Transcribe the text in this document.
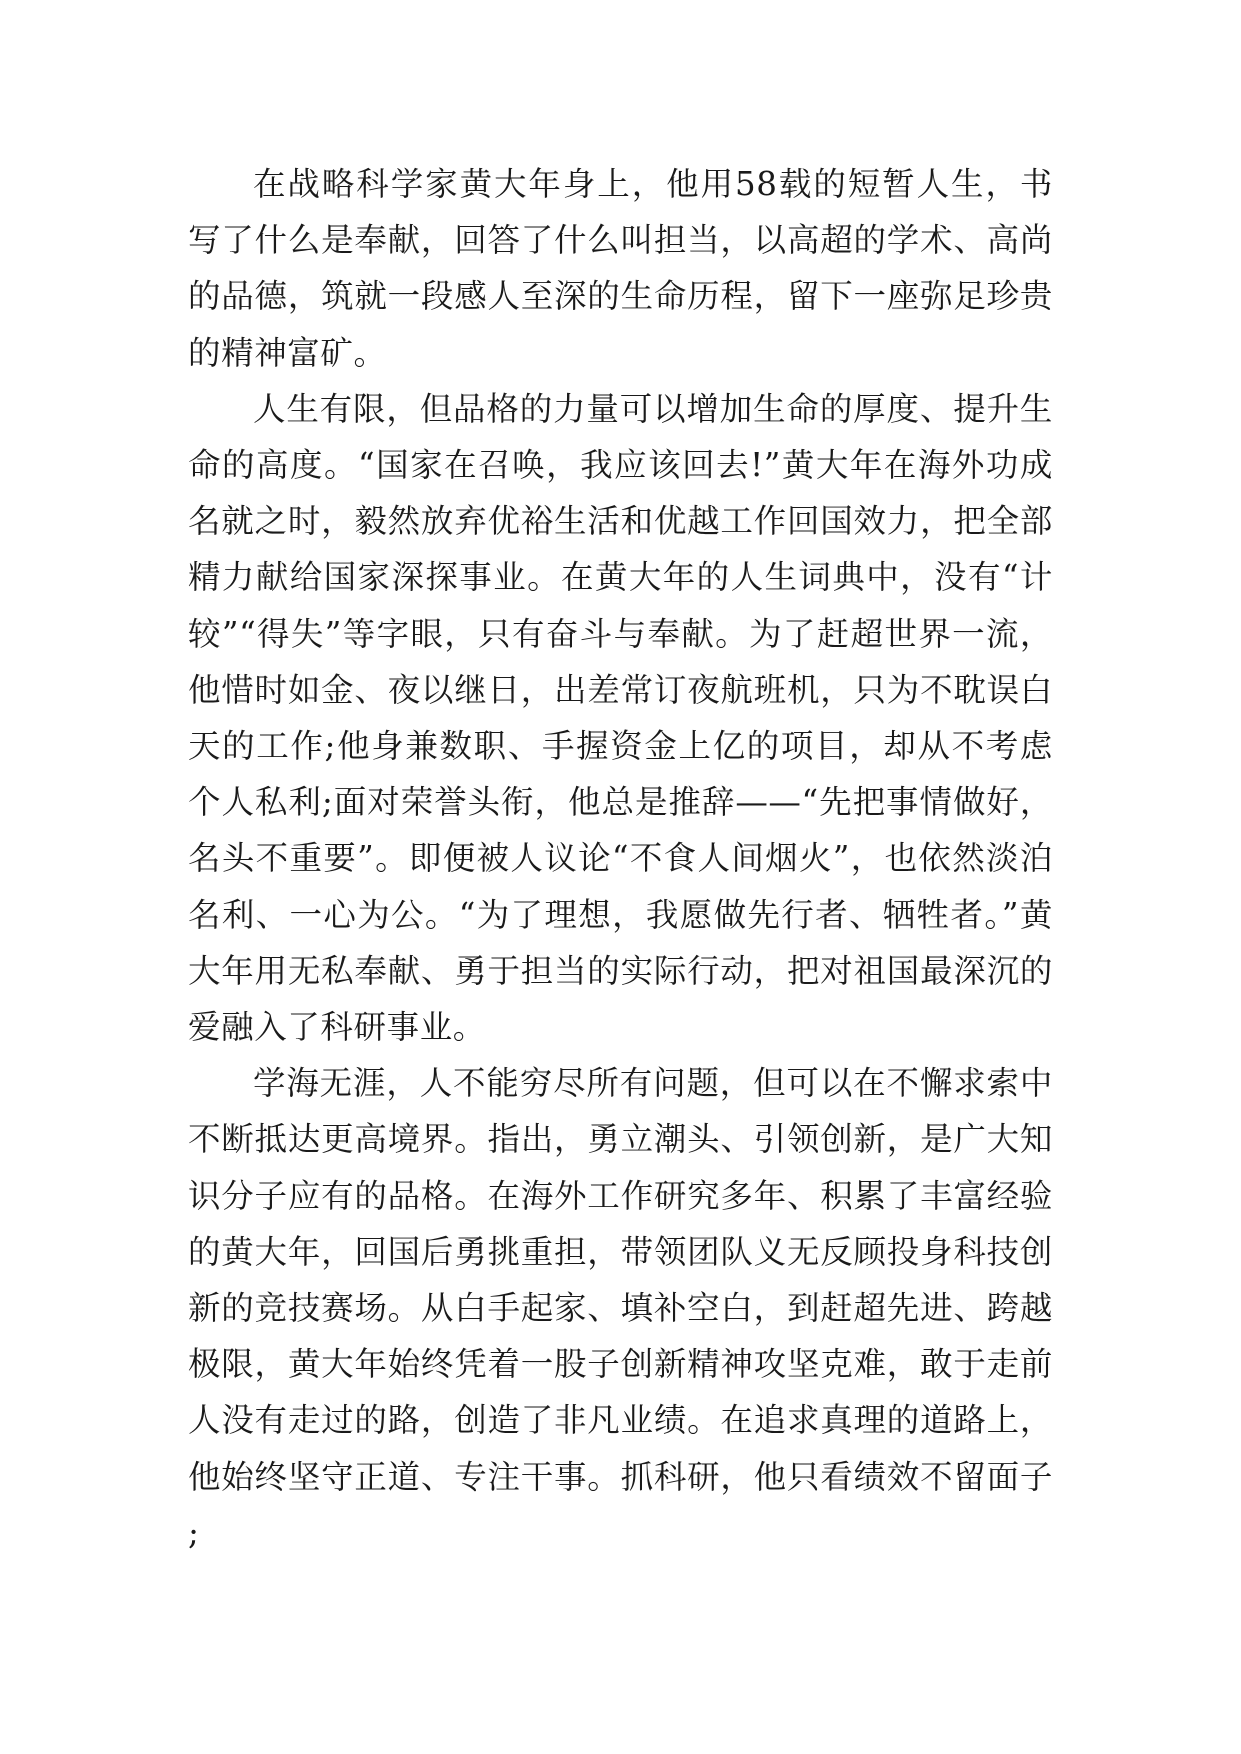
在战略科学家黄大年身上，他用58载的短暂人生，书写了什么是奉献，回答了什么叫担当，以高超的学术、高尚的品德，筑就一段感人至深的生命历程，留下一座弥足珍贵的精神富矿。

人生有限，但品格的力量可以增加生命的厚度、提升生命的高度。“国家在召唤，我应该回去!”黄大年在海外功成名就之时，毅然放弃优裕生活和优越工作回国效力，把全部精力献给国家深探事业。在黄大年的人生词典中，没有“计较”“得失”等字眼，只有奋斗与奉献。为了赶超世界一流，他惜时如金、夜以继日，出差常订夜航班机，只为不耽误白天的工作;他身兼数职、手握资金上亿的项目，却从不考虑个人私利;面对荣誉头衔，他总是推辞——“先把事情做好，名头不重要”。即便被人议论“不食人间烟火”，也依然淡泊名利、一心为公。“为了理想，我愿做先行者、牺牲者。”黄大年用无私奉献、勇于担当的实际行动，把对祖国最深沉的爱融入了科研事业。

学海无涯，人不能穷尽所有问题，但可以在不懈求索中不断抵达更高境界。指出，勇立潮头、引领创新，是广大知识分子应有的品格。在海外工作研究多年、积累了丰富经验的黄大年，回国后勇挑重担，带领团队义无反顾投身科技创新的竞技赛场。从白手起家、填补空白，到赶超先进、跨越极限，黄大年始终凭着一股子创新精神攻坚克难，敢于走前人没有走过的路，创造了非凡业绩。在追求真理的道路上，他始终坚守正道、专注干事。抓科研，他只看绩效不留面子;
